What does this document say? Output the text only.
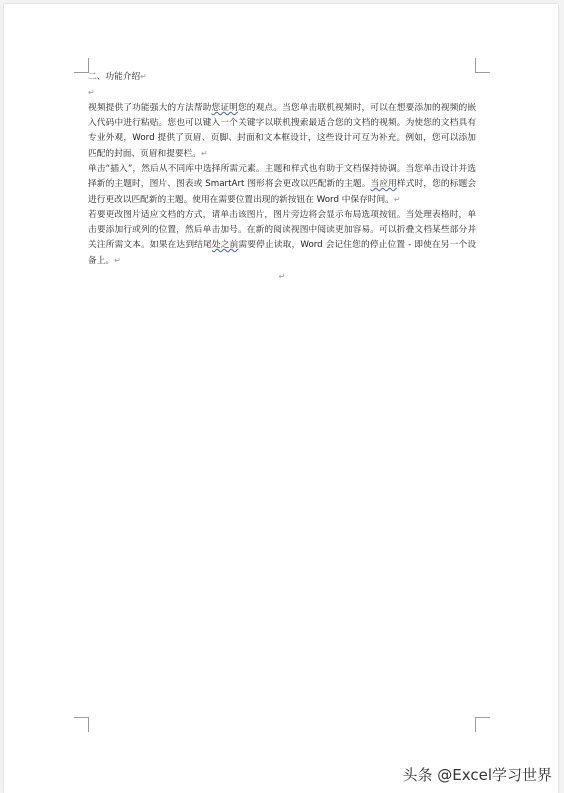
二、功能介绍↵

↵

视频提供了功能强大的方法帮助您证明您的观点。当您单击联机视频时，可以在想要添加的视频的嵌入代码中进行粘贴。您也可以键入一个关键字以联机搜索最适合您的文档的视频。为使您的文档具有专业外观，Word 提供了页眉、页脚、封面和文本框设计，这些设计可互为补充。例如，您可以添加匹配的封面、页眉和提要栏。↵

单击“插入”，然后从不同库中选择所需元素。主题和样式也有助于文档保持协调。当您单击设计并选择新的主题时，图片、图表或 SmartArt 图形将会更改以匹配新的主题。当应用样式时，您的标题会进行更改以匹配新的主题。使用在需要位置出现的新按钮在 Word 中保存时间。↵

若要更改图片适应文档的方式，请单击该图片，图片旁边将会显示布局选项按钮。当处理表格时，单击要添加行或列的位置，然后单击加号。在新的阅读视图中阅读更加容易。可以折叠文档某些部分并关注所需文本。如果在达到结尾处之前需要停止读取，Word 会记住您的停止位置 - 即使在另一个设备上。↵

↵

头条 @Excel学习世界
